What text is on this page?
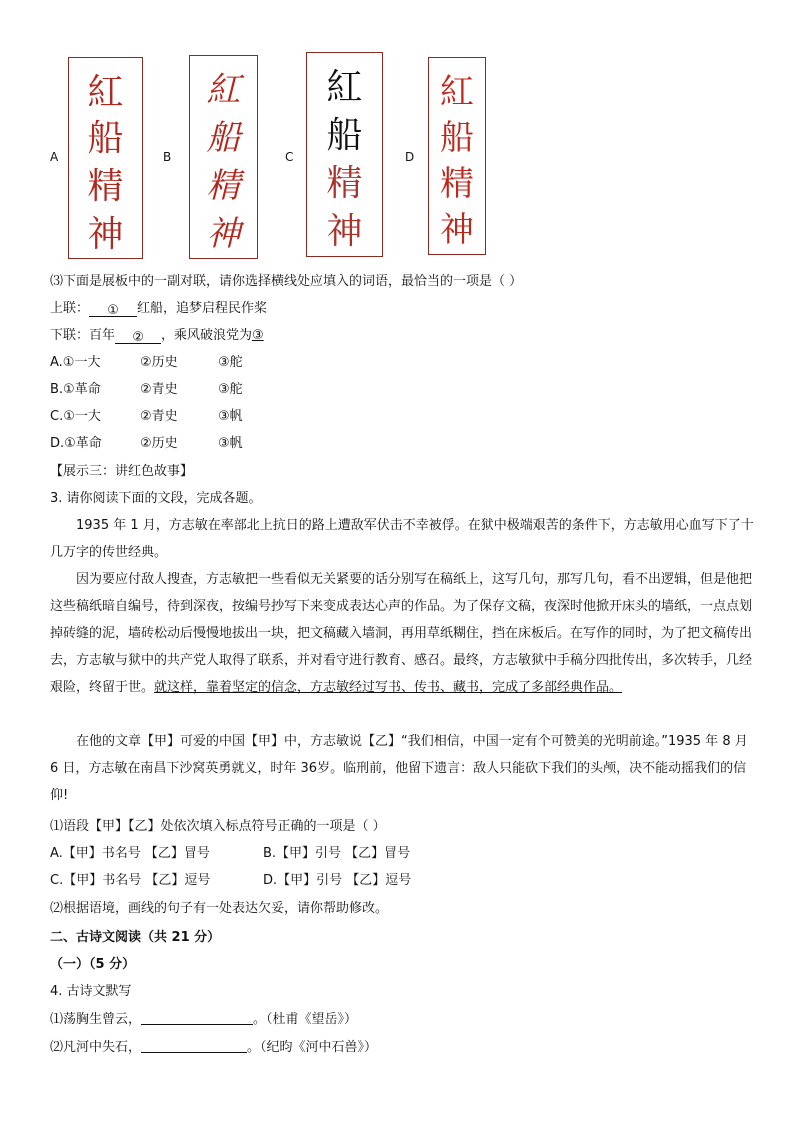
A
紅
船
精
神
B
紅
船
精
神
C
紅
船
精
神
D
紅
船
精
神
⑶下面是展板中的一副对联，请你选择横线处应填入的词语，最恰当的一项是（ ）
上联： ① 红船，追梦启程民作桨
下联：百年 ② ，乘风破浪党为③
A.①一大	②历史	③舵
B.①革命	②青史	③舵
C.①一大	②青史	③帆
D.①革命	②历史	③帆
【展示三：讲红色故事】
3. 请你阅读下面的文段，完成各题。
1935 年 1 月，方志敏在率部北上抗日的路上遭敌军伏击不幸被俘。在狱中极端艰苦的条件下，方志敏用心血写下了十几万字的传世经典。
因为要应付敌人搜查，方志敏把一些看似无关紧要的话分别写在稿纸上，这写几句，那写几句，看不出逻辑，但是他把这些稿纸暗自编号，待到深夜，按编号抄写下来变成表达心声的作品。为了保存文稿，夜深时他掀开床头的墙纸，一点点划掉砖缝的泥，墙砖松动后慢慢地拔出一块，把文稿藏入墙洞，再用草纸糊住，挡在床板后。在写作的同时，为了把文稿传出去，方志敏与狱中的共产党人取得了联系，并对看守进行教育、感召。最终，方志敏狱中手稿分四批传出，多次转手，几经艰险，终留于世。就这样，靠着坚定的信念，方志敏经过写书、传书、藏书，完成了多部经典作品。
在他的文章【甲】可爱的中国【甲】中，方志敏说【乙】“我们相信，中国一定有个可赞美的光明前途。”1935 年 8 月 6 日，方志敏在南昌下沙窝英勇就义，时年 36岁。临刑前，他留下遗言：敌人只能砍下我们的头颅，决不能动摇我们的信仰!
⑴语段【甲】【乙】处依次填入标点符号正确的一项是（ ）
A.【甲】书名号 【乙】冒号	B.【甲】引号 【乙】冒号
C.【甲】书名号 【乙】逗号	D.【甲】引号 【乙】逗号
⑵根据语境，画线的句子有一处表达欠妥，请你帮助修改。
二、古诗文阅读（共 21 分）
（一）（5 分）
4. 古诗文默写
⑴荡胸生曾云，	。（杜甫《望岳》）
⑵凡河中失石，	。（纪昀《河中石兽》）
